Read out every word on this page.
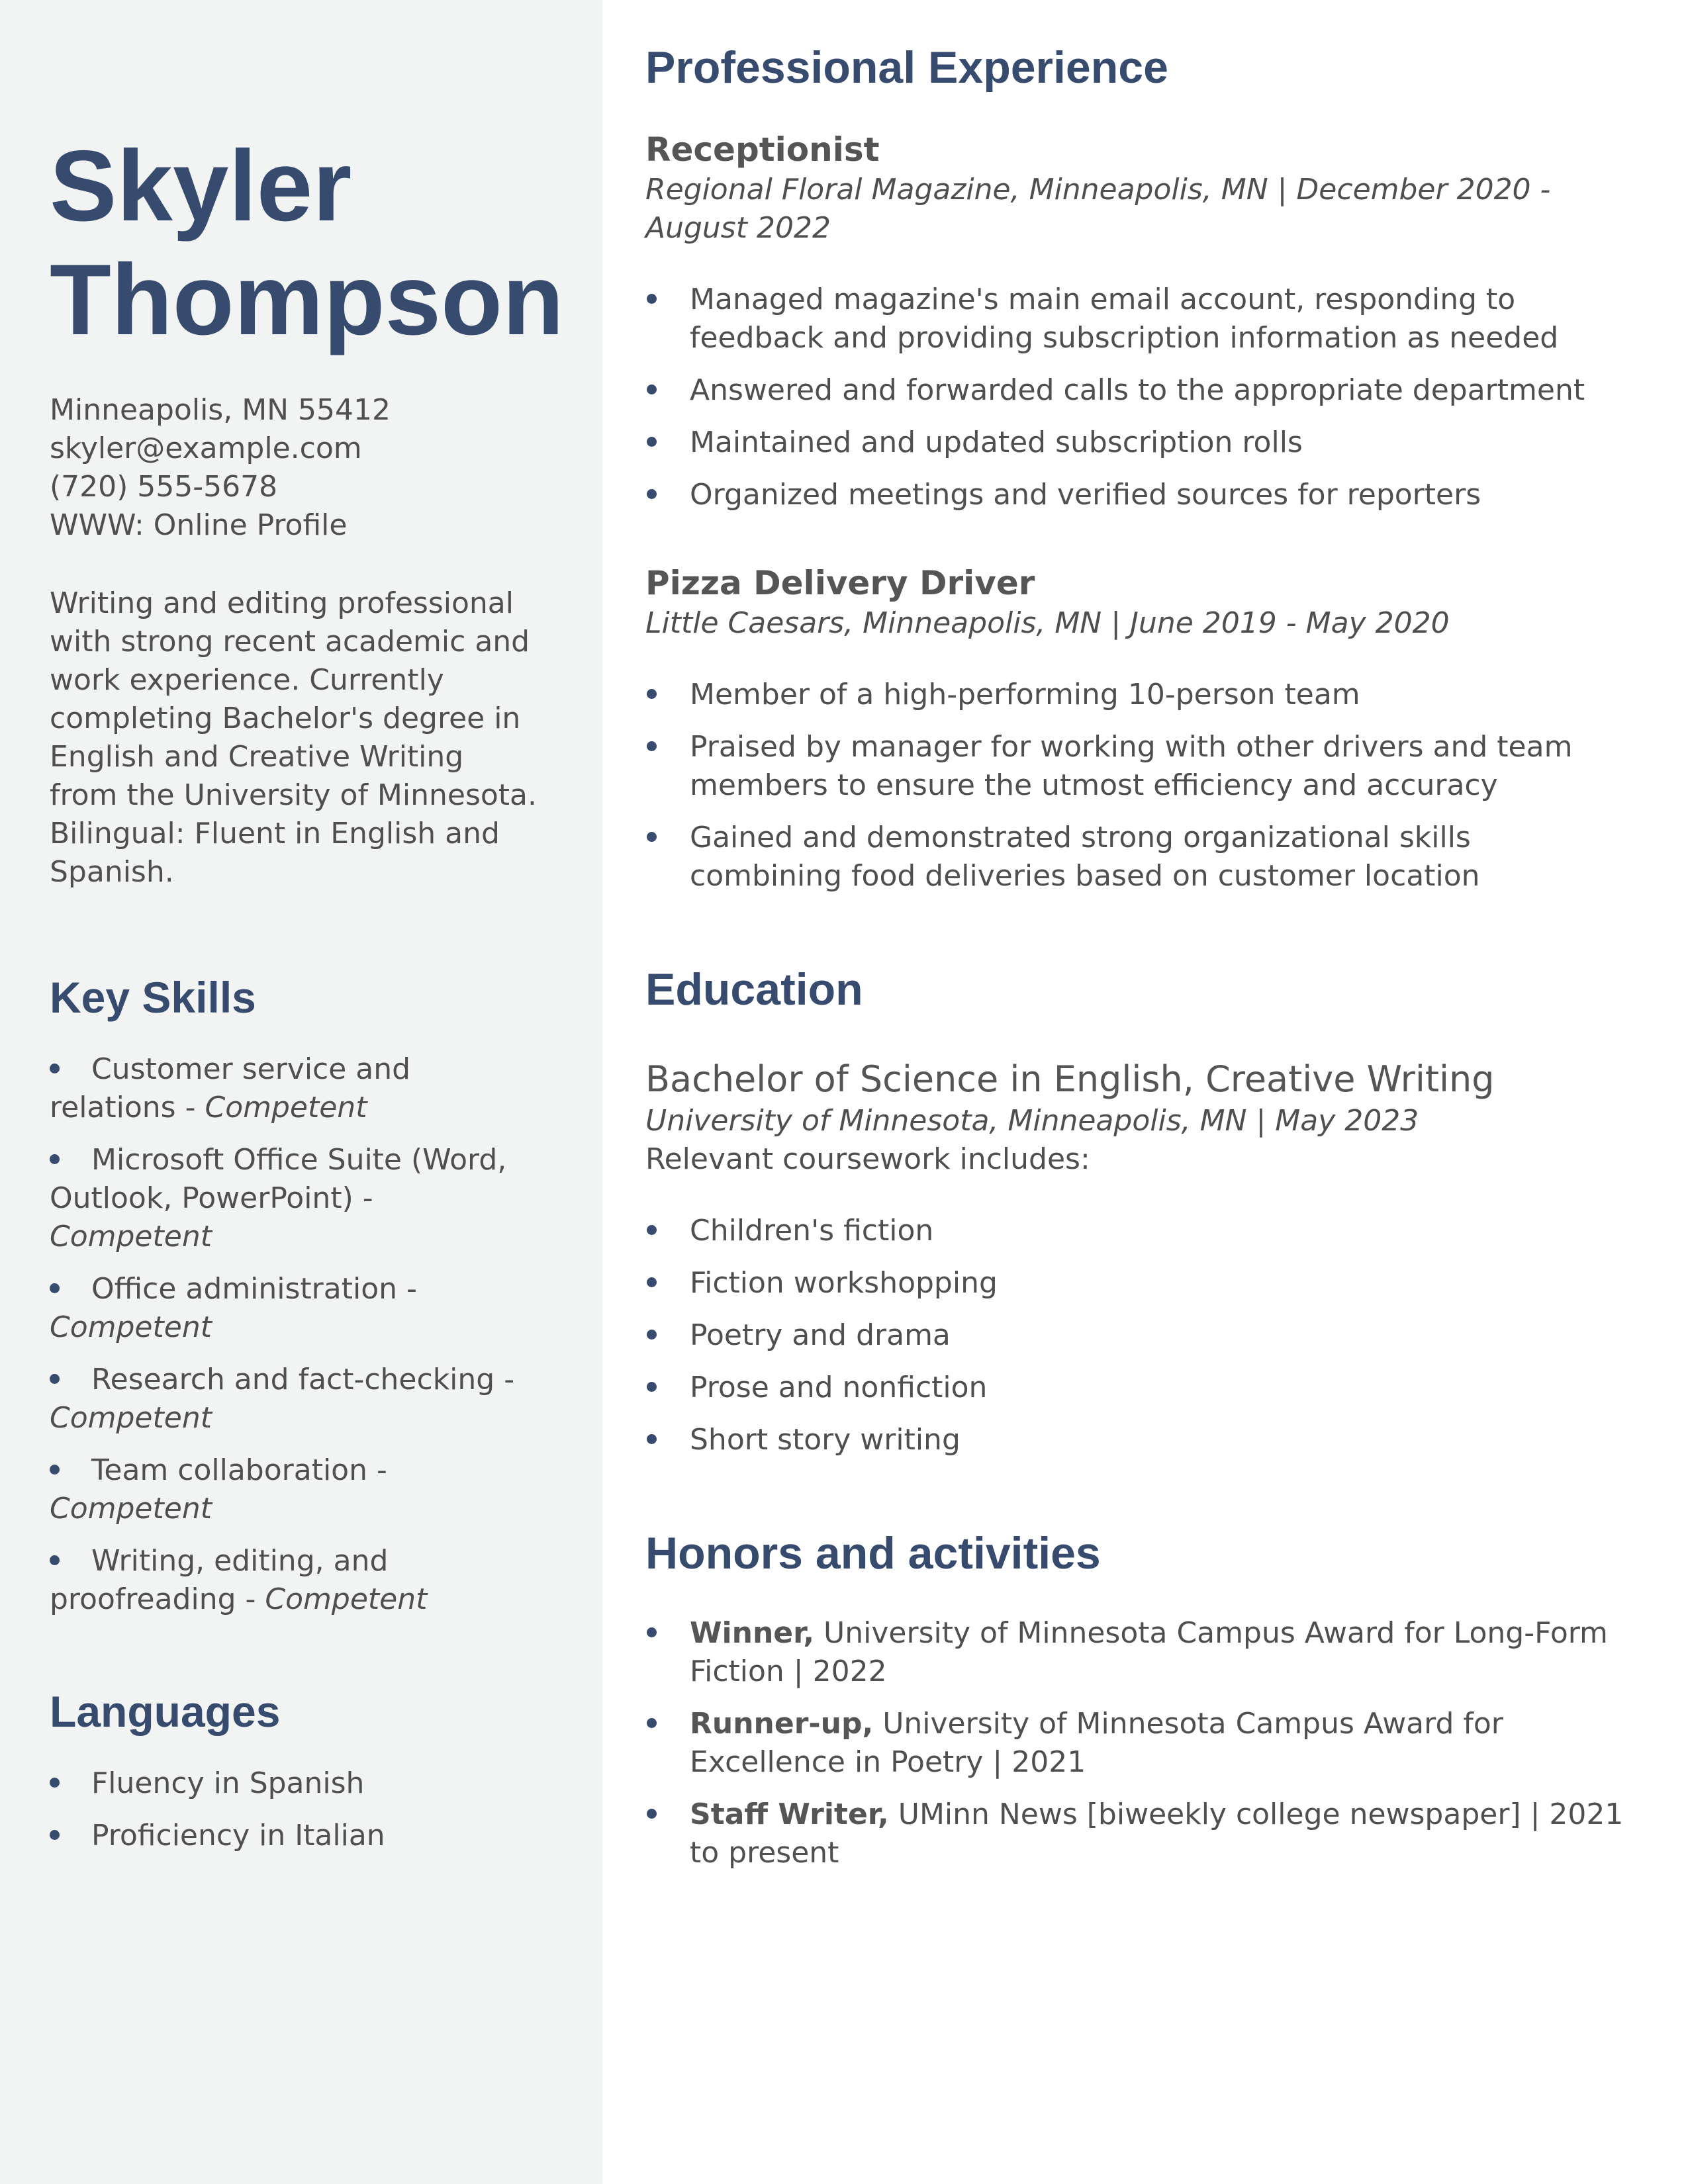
Skyler
Thompson
Minneapolis, MN 55412
skyler@example.com
(720) 555-5678
WWW: Online Profile
Writing and editing professional with strong recent academic and work experience. Currently completing Bachelor's degree in English and Creative Writing from the University of Minnesota. Bilingual: Fluent in English and Spanish.
Key Skills
Customer service and relations - Competent
Microsoft Office Suite (Word, Outlook, PowerPoint) - Competent
Office administration - Competent
Research and fact-checking - Competent
Team collaboration - Competent
Writing, editing, and proofreading - Competent
Languages
Fluency in Spanish
Proficiency in Italian
Professional Experience
Receptionist
Regional Floral Magazine, Minneapolis, MN | December 2020 - August 2022
Managed magazine's main email account, responding to feedback and providing subscription information as needed
Answered and forwarded calls to the appropriate department
Maintained and updated subscription rolls
Organized meetings and verified sources for reporters
Pizza Delivery Driver
Little Caesars, Minneapolis, MN | June 2019 - May 2020
Member of a high-performing 10-person team
Praised by manager for working with other drivers and team members to ensure the utmost efficiency and accuracy
Gained and demonstrated strong organizational skills combining food deliveries based on customer location
Education
Bachelor of Science in English, Creative Writing
University of Minnesota, Minneapolis, MN | May 2023
Relevant coursework includes:
Children's fiction
Fiction workshopping
Poetry and drama
Prose and nonfiction
Short story writing
Honors and activities
Winner, University of Minnesota Campus Award for Long-Form Fiction | 2022
Runner-up, University of Minnesota Campus Award for Excellence in Poetry | 2021
Staff Writer, UMinn News [biweekly college newspaper] | 2021 to present
